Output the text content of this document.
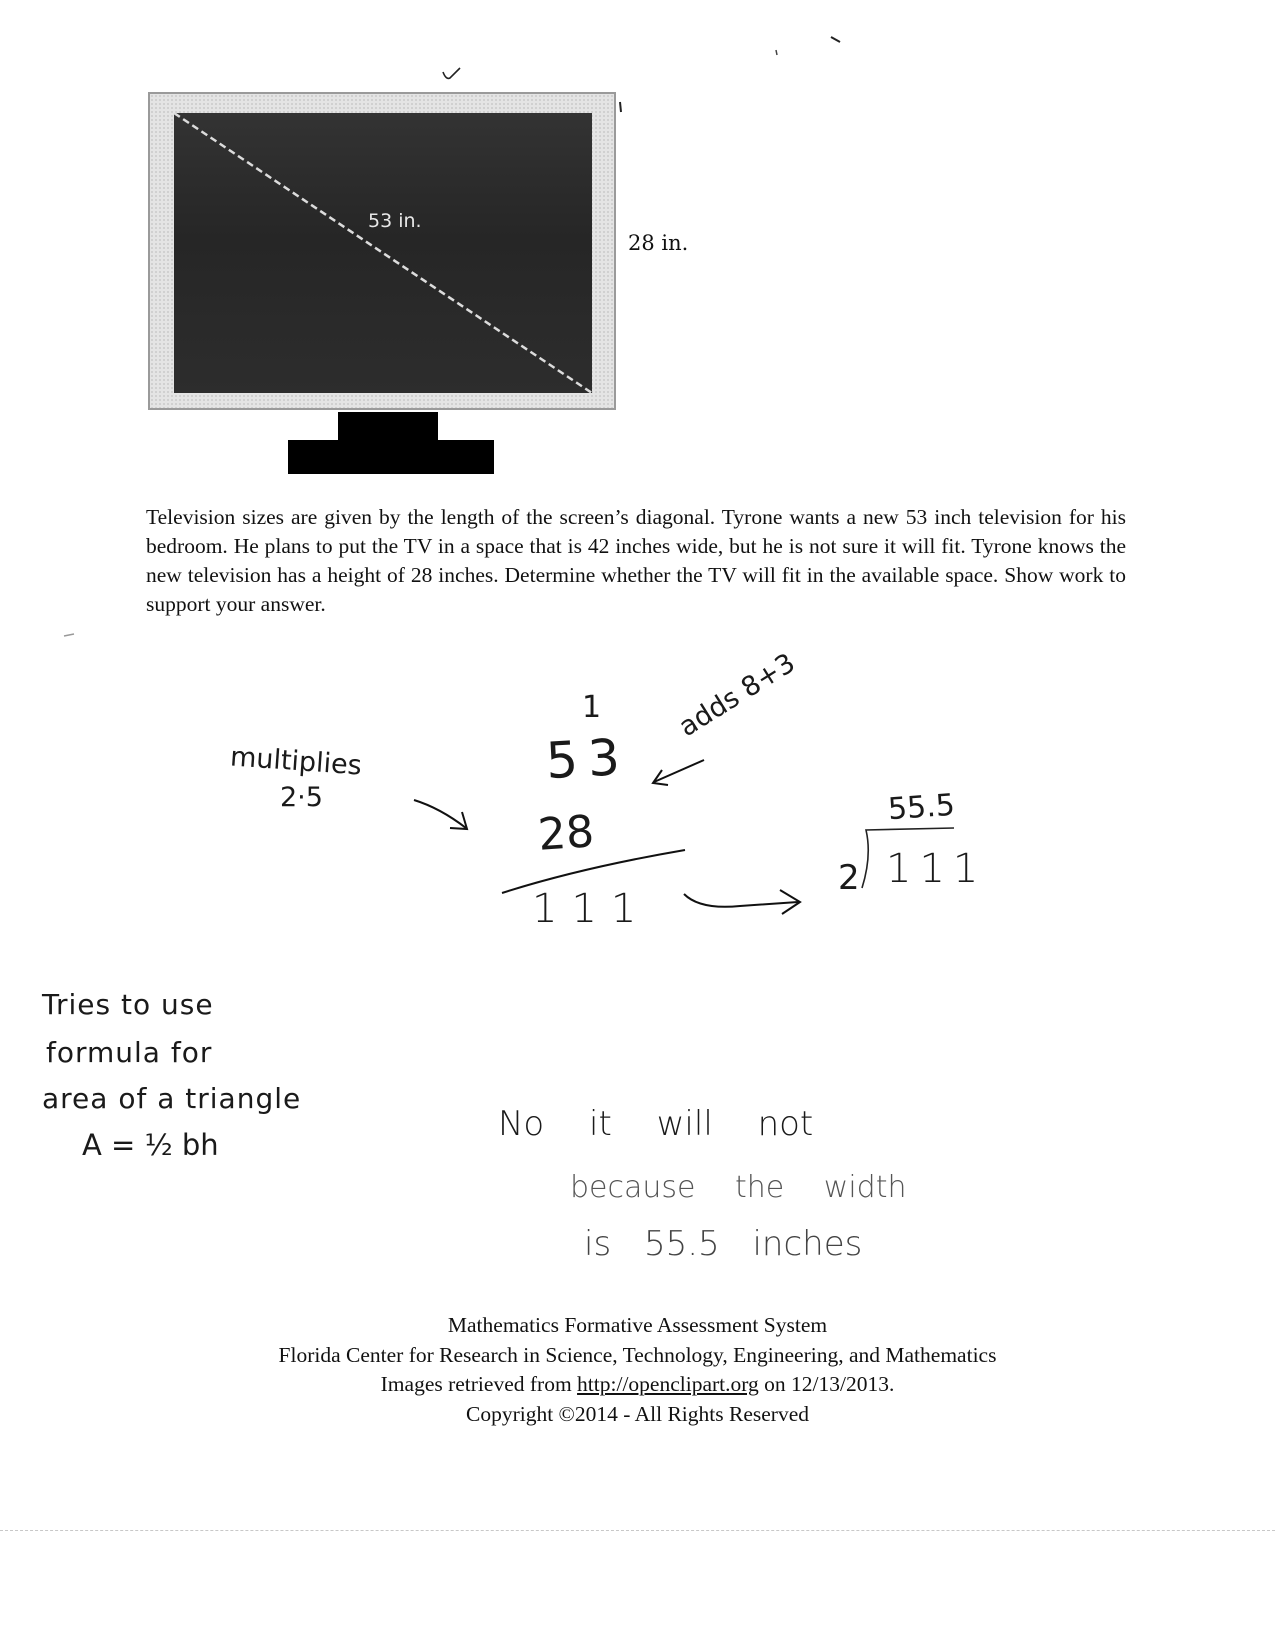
53 in.
28 in.
Television sizes are given by the length of the screen’s diagonal. Tyrone wants a new 53 inch television for his bedroom. He plans to put the TV in a space that is 42 inches wide, but he is not sure it will fit. Tyrone knows the new television has a height of 28 inches. Determine whether the TV will fit in the available space. Show work to support your answer.
multiplies
2·5
1
53
28
111
adds 8+3
55.5
2 111
Tries to use
formula for
area of a triangle
A = ½ bh
No it will not
because the width
is 55.5 inches
Mathematics Formative Assessment System
Florida Center for Research in Science, Technology, Engineering, and Mathematics
Images retrieved from http://openclipart.org on 12/13/2013.
Copyright ©2014 - All Rights Reserved
